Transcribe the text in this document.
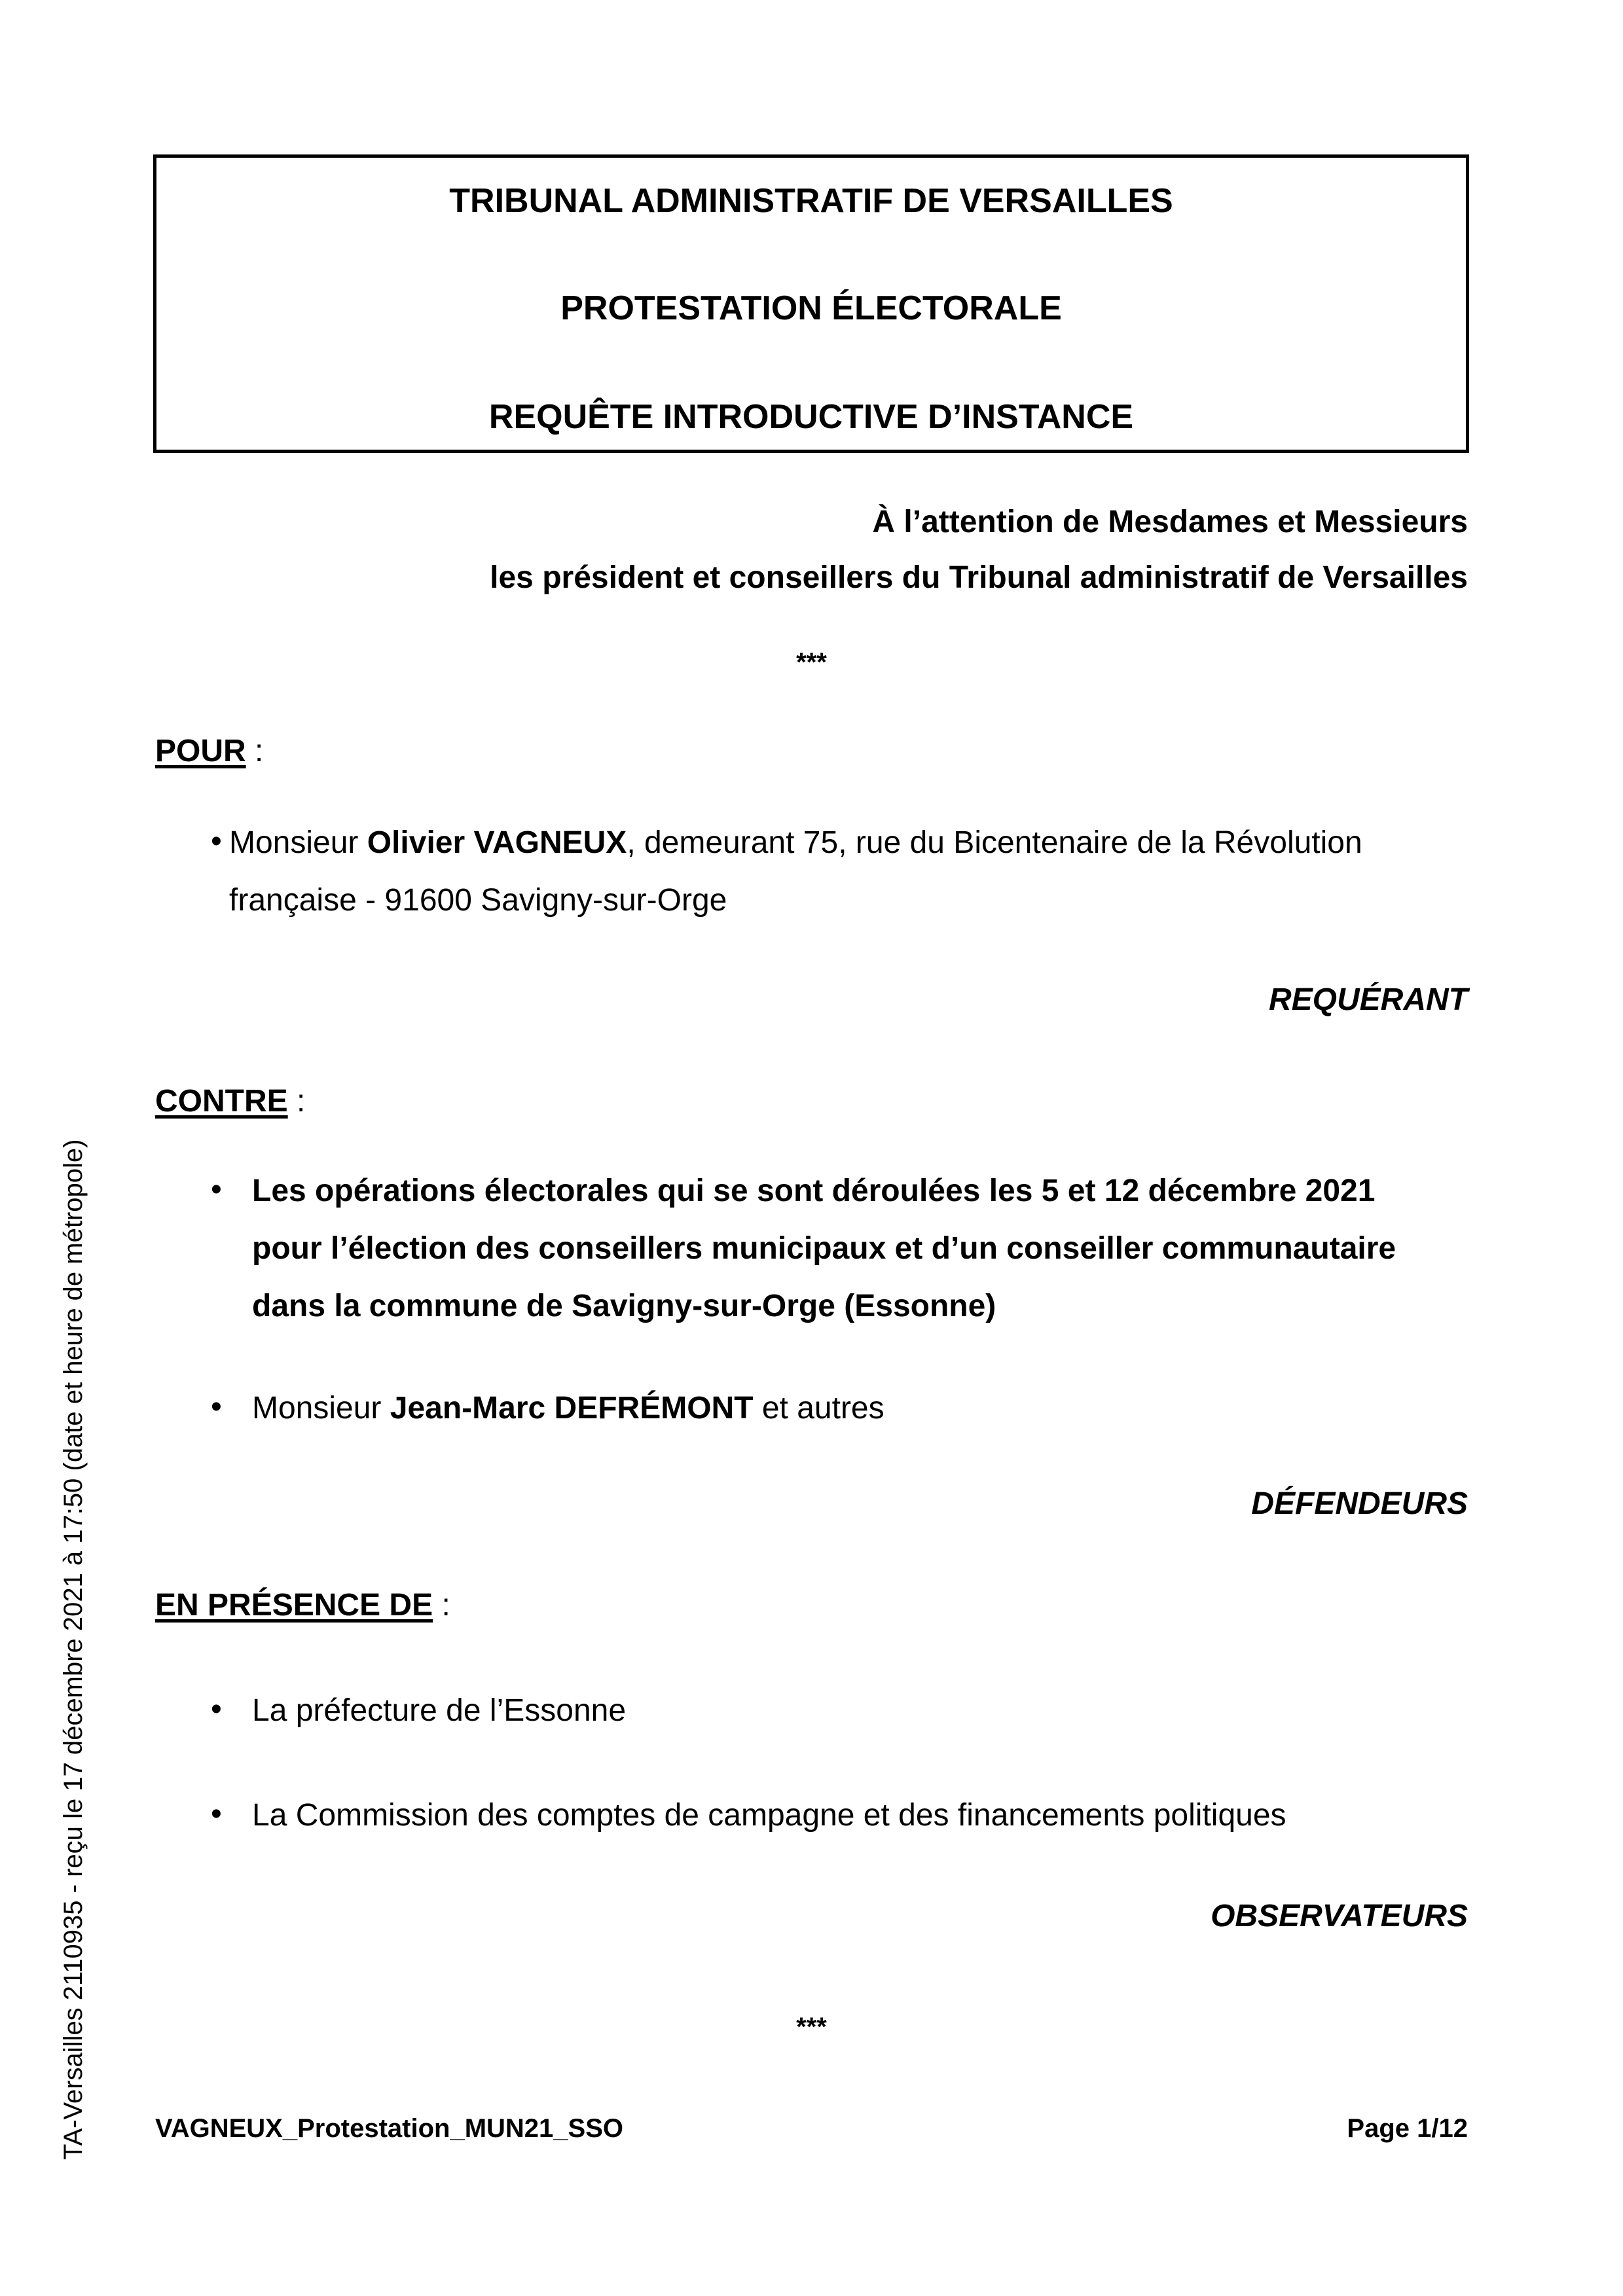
TRIBUNAL ADMINISTRATIF DE VERSAILLES
PROTESTATION ÉLECTORALE
REQUÊTE INTRODUCTIVE D’INSTANCE
À l’attention de Mesdames et Messieurs
les président et conseillers du Tribunal administratif de Versailles
***
POUR :
• Monsieur Olivier VAGNEUX, demeurant 75, rue du Bicentenaire de la Révolution
française - 91600 Savigny-sur-Orge
REQUÉRANT
CONTRE :
• Les opérations électorales qui se sont déroulées les 5 et 12 décembre 2021
pour l’élection des conseillers municipaux et d’un conseiller communautaire
dans la commune de Savigny-sur-Orge (Essonne)
• Monsieur Jean-Marc DEFRÉMONT et autres
DÉFENDEURS
EN PRÉSENCE DE :
• La préfecture de l’Essonne
• La Commission des comptes de campagne et des financements politiques
OBSERVATEURS
***
VAGNEUX_Protestation_MUN21_SSO	Page 1/12
TA-Versailles 2110935 - reçu le 17 décembre 2021 à 17:50 (date et heure de métropole)
